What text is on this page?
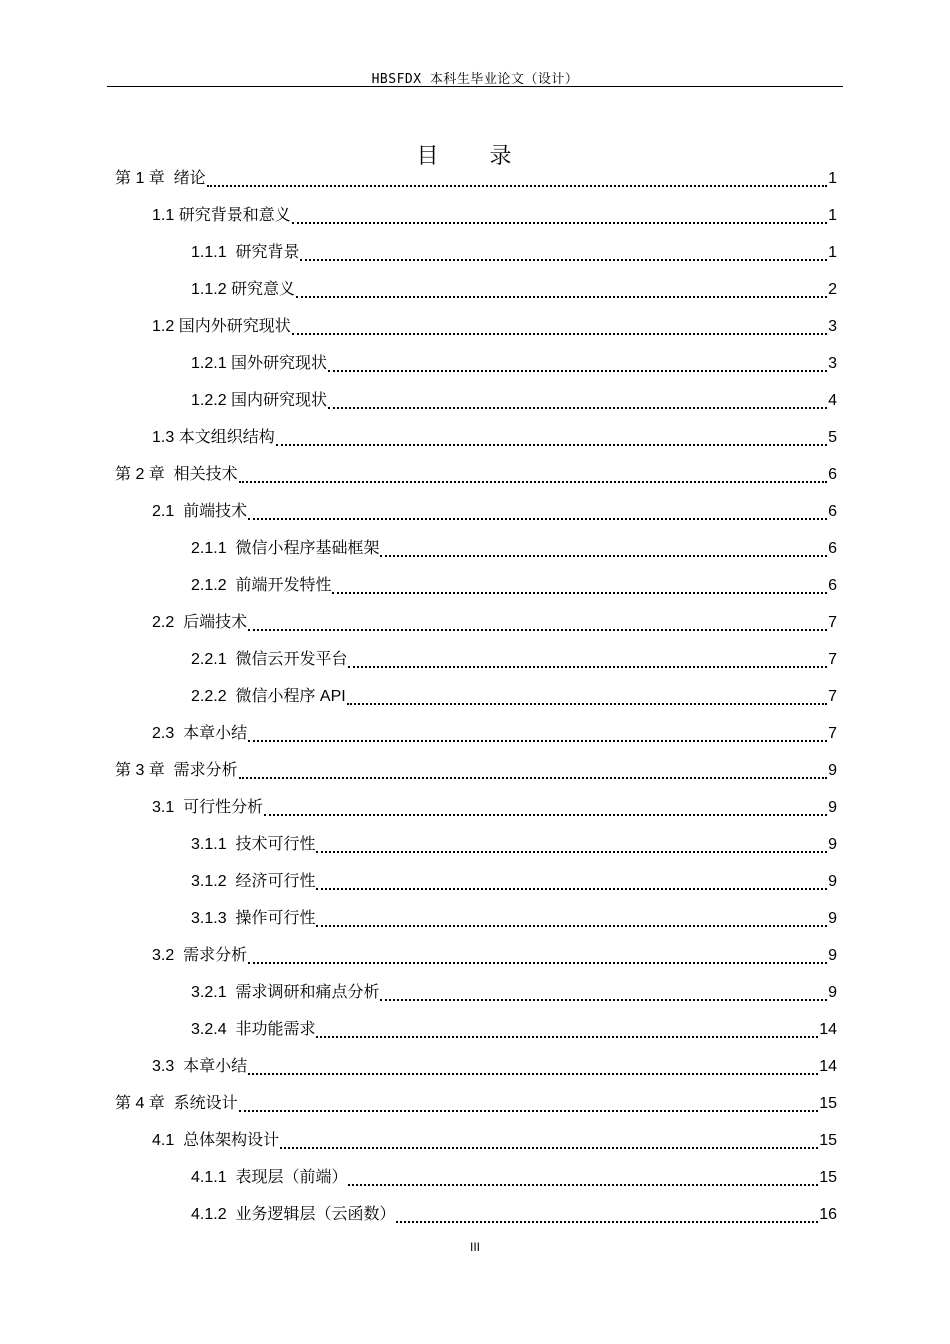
HBSFDX 本科生毕业论文（设计）
目 录
第 1 章  绪论	1
1.1 研究背景和意义	1
1.1.1  研究背景	1
1.1.2 研究意义	2
1.2 国内外研究现状	3
1.2.1 国外研究现状	3
1.2.2 国内研究现状	4
1.3 本文组织结构	5
第 2 章  相关技术	6
2.1  前端技术	6
2.1.1  微信小程序基础框架	6
2.1.2  前端开发特性	6
2.2  后端技术	7
2.2.1  微信云开发平台	7
2.2.2  微信小程序 API	7
2.3  本章小结	7
第 3 章  需求分析	9
3.1  可行性分析	9
3.1.1  技术可行性	9
3.1.2  经济可行性	9
3.1.3  操作可行性	9
3.2  需求分析	9
3.2.1  需求调研和痛点分析	9
3.2.4  非功能需求	14
3.3  本章小结	14
第 4 章  系统设计	15
4.1  总体架构设计	15
4.1.1  表现层（前端）	15
4.1.2  业务逻辑层（云函数）	16
III
